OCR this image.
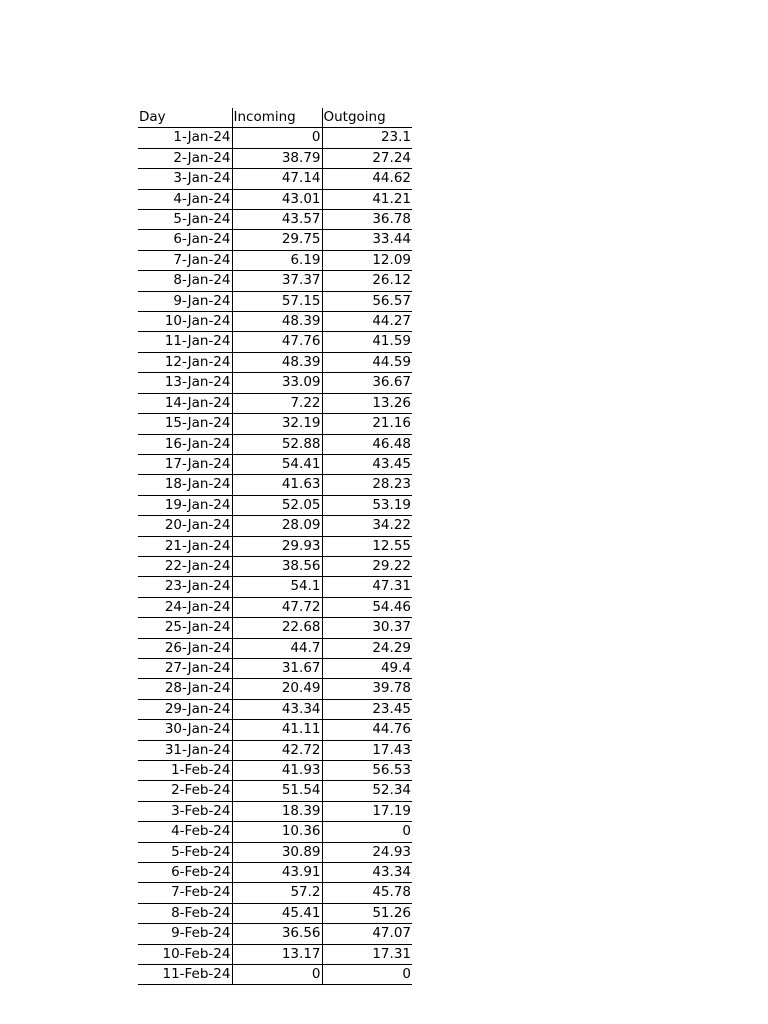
Day	Incoming	Outgoing
1-Jan-24	0	23.1
2-Jan-24	38.79	27.24
3-Jan-24	47.14	44.62
4-Jan-24	43.01	41.21
5-Jan-24	43.57	36.78
6-Jan-24	29.75	33.44
7-Jan-24	6.19	12.09
8-Jan-24	37.37	26.12
9-Jan-24	57.15	56.57
10-Jan-24	48.39	44.27
11-Jan-24	47.76	41.59
12-Jan-24	48.39	44.59
13-Jan-24	33.09	36.67
14-Jan-24	7.22	13.26
15-Jan-24	32.19	21.16
16-Jan-24	52.88	46.48
17-Jan-24	54.41	43.45
18-Jan-24	41.63	28.23
19-Jan-24	52.05	53.19
20-Jan-24	28.09	34.22
21-Jan-24	29.93	12.55
22-Jan-24	38.56	29.22
23-Jan-24	54.1	47.31
24-Jan-24	47.72	54.46
25-Jan-24	22.68	30.37
26-Jan-24	44.7	24.29
27-Jan-24	31.67	49.4
28-Jan-24	20.49	39.78
29-Jan-24	43.34	23.45
30-Jan-24	41.11	44.76
31-Jan-24	42.72	17.43
1-Feb-24	41.93	56.53
2-Feb-24	51.54	52.34
3-Feb-24	18.39	17.19
4-Feb-24	10.36	0
5-Feb-24	30.89	24.93
6-Feb-24	43.91	43.34
7-Feb-24	57.2	45.78
8-Feb-24	45.41	51.26
9-Feb-24	36.56	47.07
10-Feb-24	13.17	17.31
11-Feb-24	0	0
